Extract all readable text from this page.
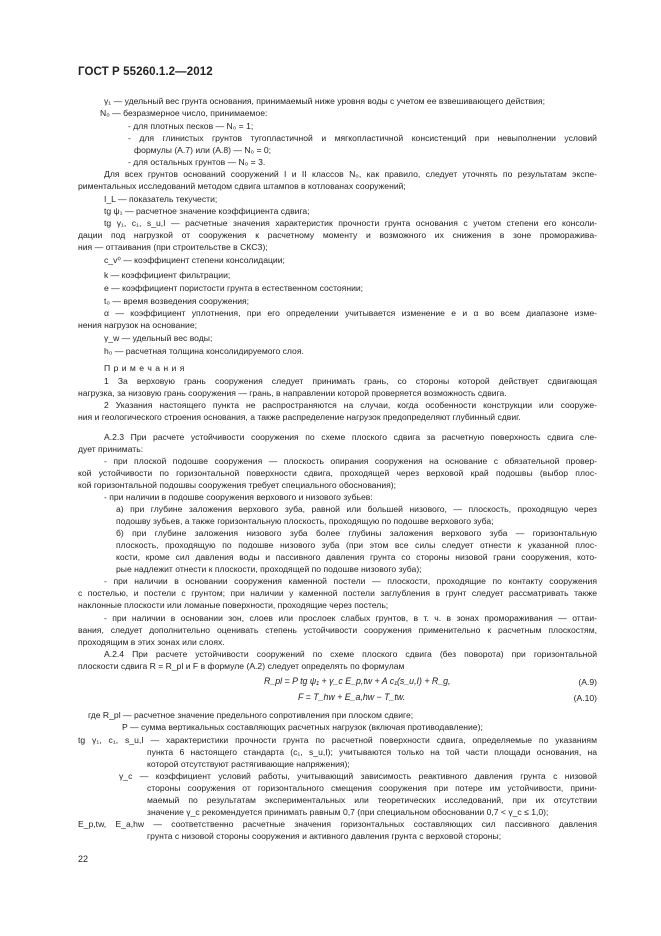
ГОСТ Р 55260.1.2—2012
γ₁ — удельный вес грунта основания, принимаемый ниже уровня воды с учетом ее взвешивающего действия;
N₀ — безразмерное число, принимаемое:
- для плотных песков — N₀ = 1;
- для глинистых грунтов тугопластичной и мягкопластичной консистенций при невыполнении условий
формулы (А.7) или (А.8) — N₀ = 0;
- для остальных грунтов — N₀ = 3.
Для всех грунтов оснований сооружений I и II классов N₀, как правило, следует уточнять по результатам экспе-
риментальных исследований методом сдвига штампов в котлованах сооружений;
I_L — показатель текучести;
tg ψ₁ — расчетное значение коэффициента сдвига;
tg γ₁, c₁, s_u,I — расчетные значения характеристик прочности грунта основания с учетом степени его консоли-
дации под нагрузкой от сооружения к расчетному моменту и возможного их снижения в зоне проморажива-
ния — оттаивания (при строительстве в СКСЗ);
c_v⁰ — коэффициент степени консолидации;
k — коэффициент фильтрации;
e — коэффициент пористости грунта в естественном состоянии;
t₀ — время возведения сооружения;
α — коэффициент уплотнения, при его определении учитывается изменение e и α во всем диапазоне изме-
нения нагрузок на основание;
γ_w — удельный вес воды;
h₀ — расчетная толщина консолидируемого слоя.
П р и м е ч а н и я
1 За верховую грань сооружения следует принимать грань, со стороны которой действует сдвигающая
нагрузка, за низовую грань сооружения — грань, в направлении которой проверяется возможность сдвига.
2 Указания настоящего пункта не распространяются на случаи, когда особенности конструкции или сооруже-
ния и геологического строения основания, а также распределение нагрузок предопределяют глубинный сдвиг.
А.2.3 При расчете устойчивости сооружения по схеме плоского сдвига за расчетную поверхность сдвига сле-
дует принимать:
- при плоской подошве сооружения — плоскость опирания сооружения на основание с обязательной провер-
кой устойчивости по горизонтальной поверхности сдвига, проходящей через верховой край подошвы (выбор плос-
кой горизонтальной подошвы сооружения требует специального обоснования);
- при наличии в подошве сооружения верхового и низового зубьев:
а) при глубине заложения верхового зуба, равной или большей низового, — плоскость, проходящую через
подошву зубьев, а также горизонтальную плоскость, проходящую по подошве верхового зуба;
б) при глубине заложения низового зуба более глубины заложения верхового зуба — горизонтальную
плоскость, проходящую по подошве низового зуба (при этом все силы следует отнести к указанной плос-
кости, кроме сил давления воды и пассивного давления грунта со стороны низовой грани сооружения, кото-
рые надлежит отнести к плоскости, проходящей по подошве низового зуба);
- при наличии в основании сооружения каменной постели — плоскости, проходящие по контакту сооружения
с постелью, и постели с грунтом; при наличии у каменной постели заглубления в грунт следует рассматривать также
наклонные плоскости или ломаные поверхности, проходящие через постель;
- при наличии в основании зон, слоев или прослоек слабых грунтов, в т. ч. в зонах промораживания — оттаи-
вания, следует дополнительно оценивать степень устойчивости сооружения применительно к расчетным плоскостям,
проходящим в этих зонах или слоях.
А.2.4 При расчете устойчивости сооружений по схеме плоского сдвига (без поворота) при горизонтальной
плоскости сдвига R = R_pl и F в формуле (А.2) следует определять по формулам
R_pl = P tg ψ₁ + γ_c E_p,tw + A c₁(s_u,I) + R_g,	(А.9)
F = T_hw + E_a,hw − T_tw.	(А.10)
где R_pl — расчетное значение предельного сопротивления при плоском сдвиге;
P — сумма вертикальных составляющих расчетных нагрузок (включая противодавление);
tg γ₁, c₁, s_u,I — характеристики прочности грунта по расчетной поверхности сдвига, определяемые по указаниям
пункта 6 настоящего стандарта (c₁, s_u,I); учитываются только на той части площади основания, на
которой отсутствуют растягивающие напряжения);
γ_c — коэффициент условий работы, учитывающий зависимость реактивного давления грунта с низовой
стороны сооружения от горизонтального смещения сооружения при потере им устойчивости, прини-
маемый по результатам экспериментальных или теоретических исследований, при их отсутствии
значение γ_c рекомендуется принимать равным 0,7 (при специальном обосновании 0,7 < γ_c ≤ 1,0);
E_p,tw, E_a,hw — соответственно расчетные значения горизонтальных составляющих сил пассивного давления
грунта с низовой стороны сооружения и активного давления грунта с верховой стороны;
22
